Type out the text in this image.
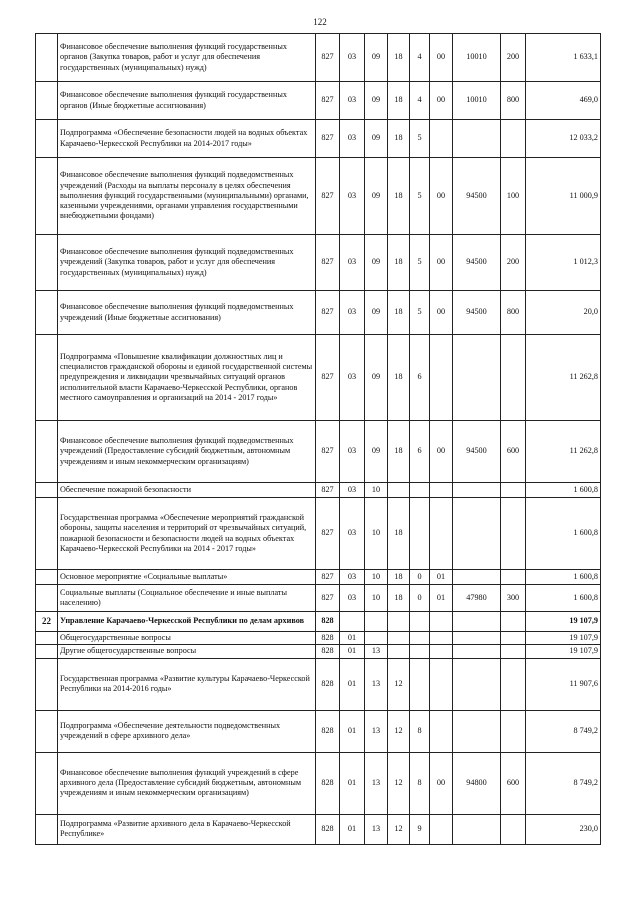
122
	Финансовое обеспечение выполнения функций государственных органов (Закупка товаров, работ и услуг для обеспечения государственных (муниципальных) нужд)	827	03	09	18	4	00	10010	200	1 633,1
	Финансовое обеспечение выполнения функций государственных органов (Иные бюджетные ассигнования)	827	03	09	18	4	00	10010	800	469,0
	Подпрограмма «Обеспечение безопасности людей на водных объектах Карачаево-Черкесской Республики на 2014-2017 годы»	827	03	09	18	5				12 033,2
	Финансовое обеспечение выполнения функций подведомственных учреждений (Расходы на выплаты персоналу в целях обеспечения выполнения функций государственными (муниципальными) органами, казенными учреждениями, органами управления государственными внебюджетными фондами)	827	03	09	18	5	00	94500	100	11 000,9
	Финансовое обеспечение выполнения функций подведомственных учреждений (Закупка товаров, работ и услуг для обеспечения государственных (муниципальных) нужд)	827	03	09	18	5	00	94500	200	1 012,3
	Финансовое обеспечение выполнения функций подведомственных учреждений (Иные бюджетные ассигнования)	827	03	09	18	5	00	94500	800	20,0
	Подпрограмма «Повышение квалификации должностных лиц и специалистов гражданской обороны и единой государственной системы предупреждения и ликвидации чрезвычайных ситуаций органов исполнительной власти Карачаево-Черкесской Республики, органов местного самоуправления и организаций на 2014 - 2017 годы»	827	03	09	18	6				11 262,8
	Финансовое обеспечение выполнения функций подведомственных учреждений (Предоставление субсидий бюджетным, автономным учреждениям и иным некоммерческим организациям)	827	03	09	18	6	00	94500	600	11 262,8
	Обеспечение пожарной безопасности	827	03	10						1 600,8
	Государственная программа «Обеспечение мероприятий гражданской обороны, защиты населения и территорий от чрезвычайных ситуаций, пожарной безопасности и безопасности людей на водных объектах Карачаево-Черкесской Республики на 2014 - 2017 годы»	827	03	10	18					1 600,8
	Основное мероприятие «Социальные выплаты»	827	03	10	18	0	01			1 600,8
	Социальные выплаты (Социальное обеспечение и иные выплаты населению)	827	03	10	18	0	01	47980	300	1 600,8
22	Управление Карачаево-Черкесской Республики по делам архивов	828								19 107,9
	Общегосударственные вопросы	828	01							19 107,9
	Другие общегосударственные вопросы	828	01	13						19 107,9
	Государственная программа «Развитие культуры Карачаево-Черкесской Республики на 2014-2016 годы»	828	01	13	12					11 907,6
	Подпрограмма «Обеспечение деятельности подведомственных учреждений в сфере архивного дела»	828	01	13	12	8				8 749,2
	Финансовое обеспечение выполнения функций учреждений в сфере архивного дела (Предоставление субсидий бюджетным, автономным учреждениям и иным некоммерческим организациям)	828	01	13	12	8	00	94800	600	8 749,2
	Подпрограмма «Развитие архивного дела в Карачаево-Черкесской Республике»	828	01	13	12	9				230,0
